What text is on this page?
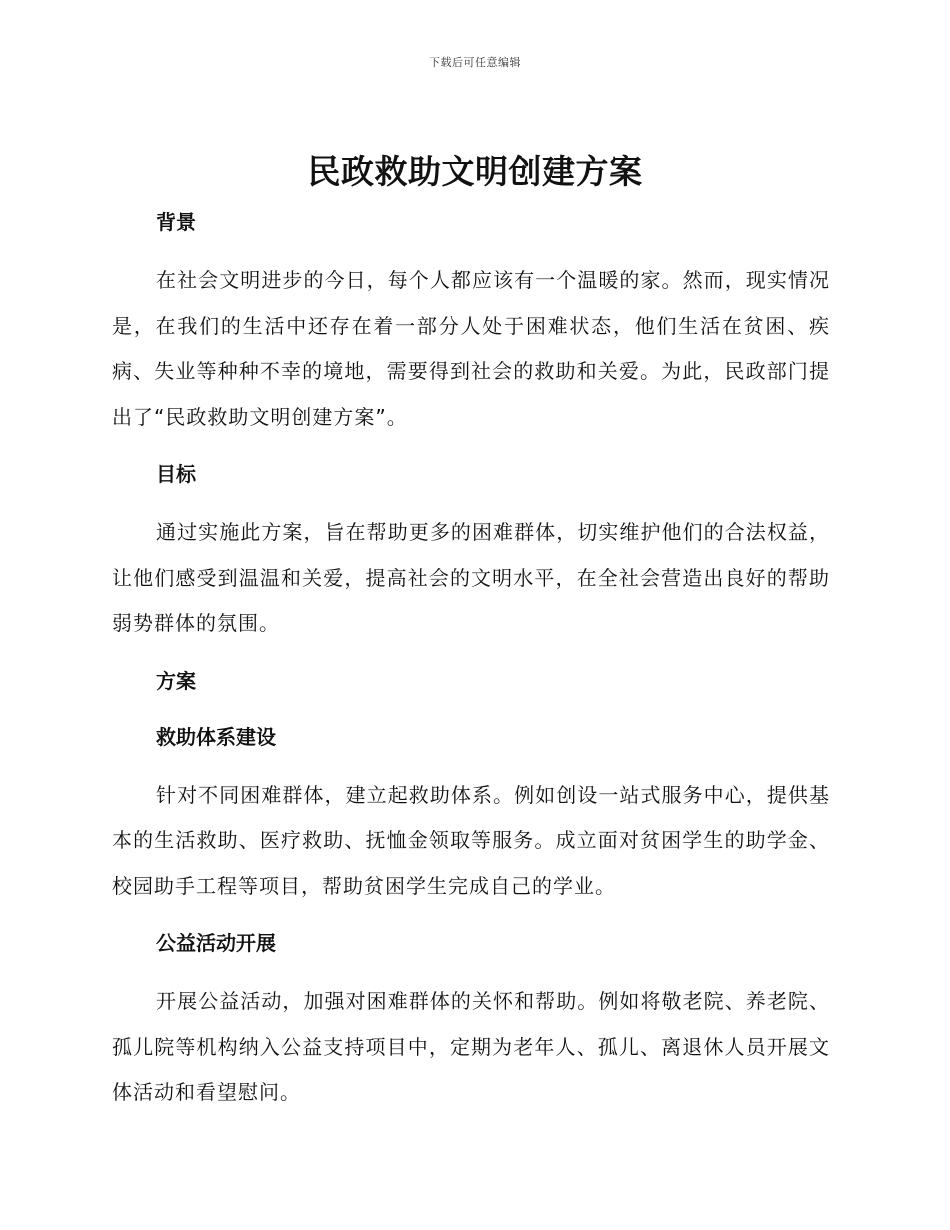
下载后可任意编辑
民政救助文明创建方案
背景

在社会文明进步的今日，每个人都应该有一个温暖的家。然而，现实情况是，在我们的生活中还存在着一部分人处于困难状态，他们生活在贫困、疾病、失业等种种不幸的境地，需要得到社会的救助和关爱。为此，民政部门提出了“民政救助文明创建方案”。

目标

通过实施此方案，旨在帮助更多的困难群体，切实维护他们的合法权益，让他们感受到温温和关爱，提高社会的文明水平，在全社会营造出良好的帮助弱势群体的氛围。

方案
救助体系建设

针对不同困难群体，建立起救助体系。例如创设一站式服务中心，提供基本的生活救助、医疗救助、抚恤金领取等服务。成立面对贫困学生的助学金、校园助手工程等项目，帮助贫困学生完成自己的学业。

公益活动开展

开展公益活动，加强对困难群体的关怀和帮助。例如将敬老院、养老院、孤儿院等机构纳入公益支持项目中，定期为老年人、孤儿、离退休人员开展文体活动和看望慰问。
